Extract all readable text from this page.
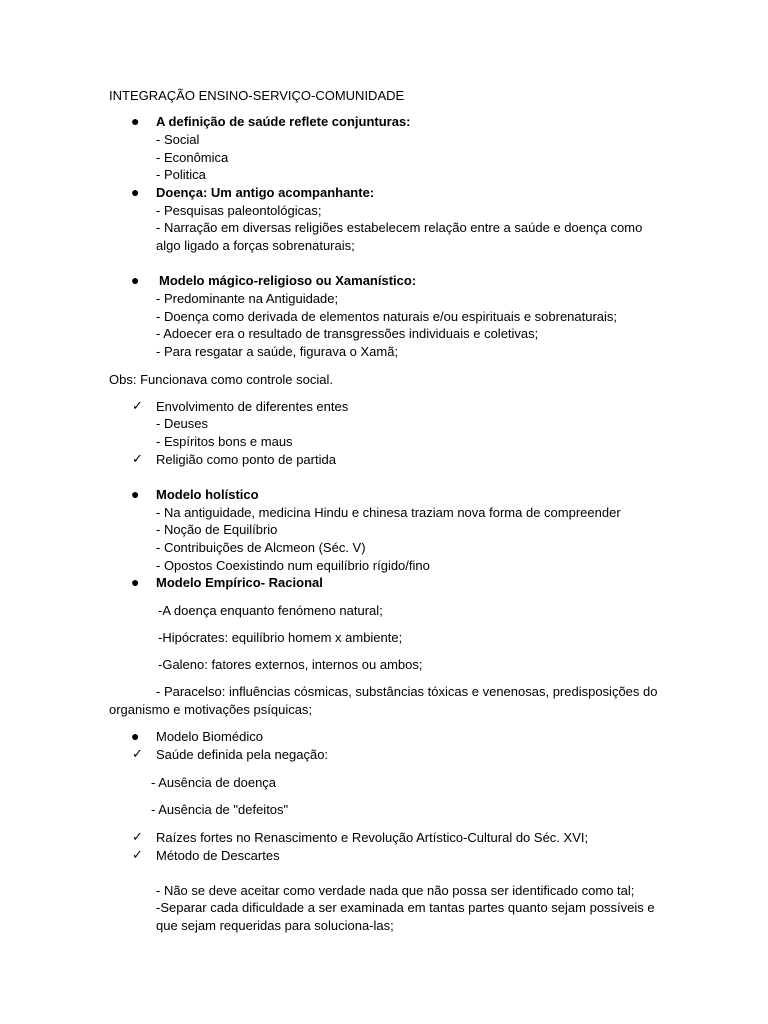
INTEGRAÇÃO ENSINO-SERVIÇO-COMUNIDADE
● A definição de saúde reflete conjunturas:
- Social
- Econômica
- Politica
● Doença: Um antigo acompanhante:
- Pesquisas paleontológicas;
- Narração em diversas religiões estabelecem relação entre a saúde e doença como
algo ligado a forças sobrenaturais;
● Modelo mágico-religioso ou Xamanístico:
- Predominante na Antiguidade;
- Doença como derivada de elementos naturais e/ou espirituais e sobrenaturais;
- Adoecer era o resultado de transgressões individuais e coletivas;
- Para resgatar a saúde, figurava o Xamã;
Obs: Funcionava como controle social.
✓ Envolvimento de diferentes entes
- Deuses
- Espíritos bons e maus
✓ Religião como ponto de partida
● Modelo holístico
- Na antiguidade, medicina Hindu e chinesa traziam nova forma de compreender
- Noção de Equilíbrio
- Contribuições de Alcmeon (Séc. V)
- Opostos Coexistindo num equilíbrio rígido/fino
● Modelo Empírico- Racional
-A doença enquanto fenómeno natural;
-Hipócrates: equilíbrio homem x ambiente;
-Galeno: fatores externos, internos ou ambos;
- Paracelso: influências cósmicas, substâncias tóxicas e venenosas, predisposições do
organismo e motivações psíquicas;
● Modelo Biomédico
✓ Saúde definida pela negação:
- Ausência de doença
- Ausência de "defeitos"
✓ Raízes fortes no Renascimento e Revolução Artístico-Cultural do Séc. XVI;
✓ Método de Descartes
- Não se deve aceitar como verdade nada que não possa ser identificado como tal;
-Separar cada dificuldade a ser examinada em tantas partes quanto sejam possíveis e
que sejam requeridas para soluciona-las;
